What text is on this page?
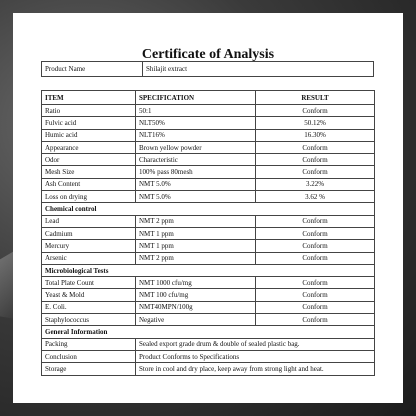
Certificate of Analysis
Product Name	Shilajit extract
ITEM	SPECIFICATION	RESULT
Ratio	50:1	Conform
Fulvic acid	NLT50%	50.12%
Humic acid	NLT16%	16.30%
Appearance	Brown yellow powder	Conform
Odor	Characteristic	Conform
Mesh Size	100% pass 80mesh	Conform
Ash Content	NMT 5.0%	3.22%
Loss on drying	NMT 5.0%	3.62 %
Chemical control		
Lead	NMT 2 ppm	Conform
Cadmium	NMT 1 ppm	Conform
Mercury	NMT 1 ppm	Conform
Arsenic	NMT 2 ppm	Conform
Microbiological Tests		
Total Plate Count	NMT 1000 cfu/mg	Conform
Yeast & Mold	NMT 100 cfu/mg	Conform
E. Coli.	NMT40MPN/100g	Conform
Staphylococcus	Negative	Conform
General Information		
Packing	Sealed export grade drum & double of sealed plastic bag.	
Conclusion	Product Conforms to Specifications	
Storage	Store in cool and dry place, keep away from strong light and heat.	
